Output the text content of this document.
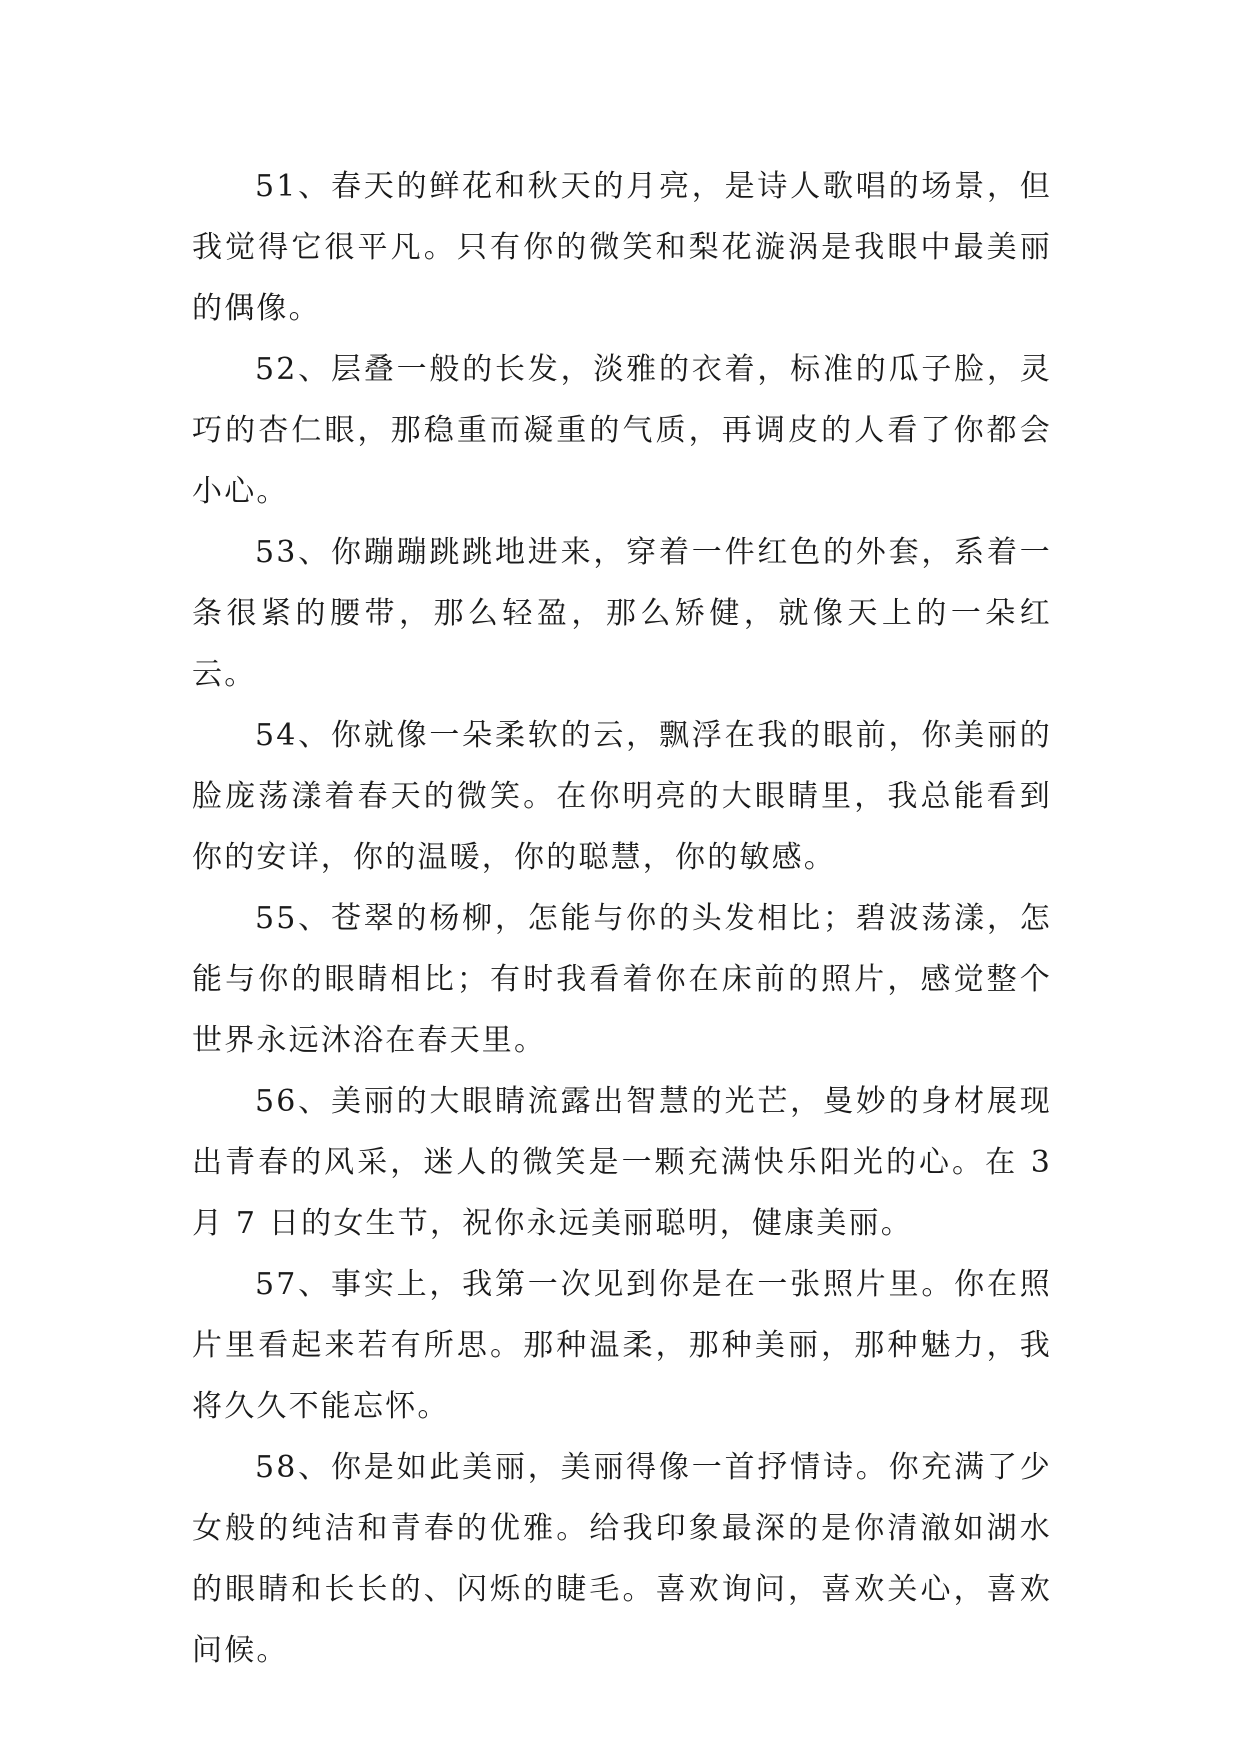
51、春天的鲜花和秋天的月亮，是诗人歌唱的场景，但我觉得它很平凡。只有你的微笑和梨花漩涡是我眼中最美丽的偶像。

52、层叠一般的长发，淡雅的衣着，标准的瓜子脸，灵巧的杏仁眼，那稳重而凝重的气质，再调皮的人看了你都会小心。

53、你蹦蹦跳跳地进来，穿着一件红色的外套，系着一条很紧的腰带，那么轻盈，那么矫健，就像天上的一朵红云。

54、你就像一朵柔软的云，飘浮在我的眼前，你美丽的脸庞荡漾着春天的微笑。在你明亮的大眼睛里，我总能看到你的安详，你的温暖，你的聪慧，你的敏感。

55、苍翠的杨柳，怎能与你的头发相比；碧波荡漾，怎能与你的眼睛相比；有时我看着你在床前的照片，感觉整个世界永远沐浴在春天里。

56、美丽的大眼睛流露出智慧的光芒，曼妙的身材展现出青春的风采，迷人的微笑是一颗充满快乐阳光的心。在 3 月 7 日的女生节，祝你永远美丽聪明，健康美丽。

57、事实上，我第一次见到你是在一张照片里。你在照片里看起来若有所思。那种温柔，那种美丽，那种魅力，我将久久不能忘怀。

58、你是如此美丽，美丽得像一首抒情诗。你充满了少女般的纯洁和青春的优雅。给我印象最深的是你清澈如湖水的眼睛和长长的、闪烁的睫毛。喜欢询问，喜欢关心，喜欢问候。
